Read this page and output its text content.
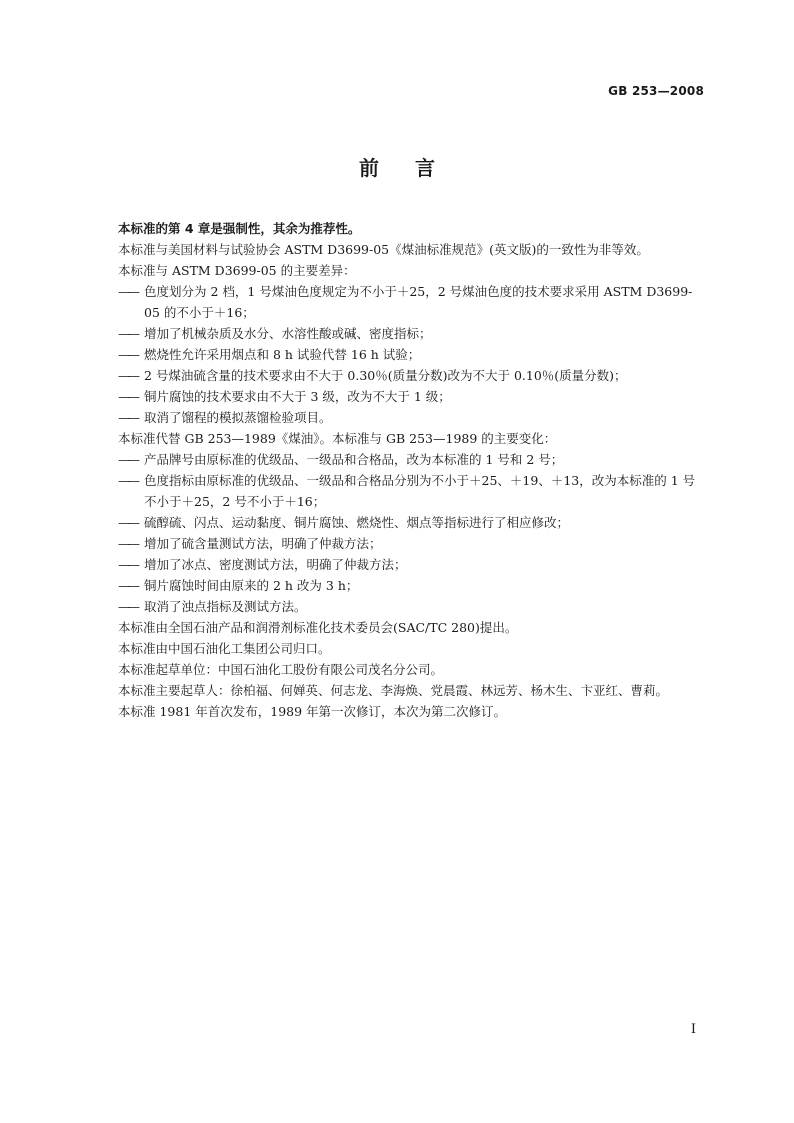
GB 253—2008
前 言

本标准的第 4 章是强制性，其余为推荐性。

本标准与美国材料与试验协会 ASTM D3699-05《煤油标准规范》(英文版)的一致性为非等效。

本标准与 ASTM D3699-05 的主要差异：

—— 色度划分为 2 档，1 号煤油色度规定为不小于＋25，2 号煤油色度的技术要求采用 ASTM D3699-05 的不小于＋16；

—— 增加了机械杂质及水分、水溶性酸或碱、密度指标；

—— 燃烧性允许采用烟点和 8 h 试验代替 16 h 试验；

—— 2 号煤油硫含量的技术要求由不大于 0.30％(质量分数)改为不大于 0.10％(质量分数)；

—— 铜片腐蚀的技术要求由不大于 3 级，改为不大于 1 级；

—— 取消了馏程的模拟蒸馏检验项目。

本标准代替 GB 253—1989《煤油》。本标准与 GB 253—1989 的主要变化：

—— 产品牌号由原标准的优级品、一级品和合格品，改为本标准的 1 号和 2 号；

—— 色度指标由原标准的优级品、一级品和合格品分别为不小于＋25、＋19、＋13，改为本标准的 1 号不小于＋25，2 号不小于＋16；

—— 硫醇硫、闪点、运动黏度、铜片腐蚀、燃烧性、烟点等指标进行了相应修改；

—— 增加了硫含量测试方法，明确了仲裁方法；

—— 增加了冰点、密度测试方法，明确了仲裁方法；

—— 铜片腐蚀时间由原来的 2 h 改为 3 h；

—— 取消了浊点指标及测试方法。

本标准由全国石油产品和润滑剂标准化技术委员会(SAC/TC 280)提出。

本标准由中国石油化工集团公司归口。

本标准起草单位：中国石油化工股份有限公司茂名分公司。

本标准主要起草人：徐柏福、何婵英、何志龙、李海焕、党晨霞、林远芳、杨木生、卞亚红、曹莉。

本标准 1981 年首次发布，1989 年第一次修订，本次为第二次修订。

I
